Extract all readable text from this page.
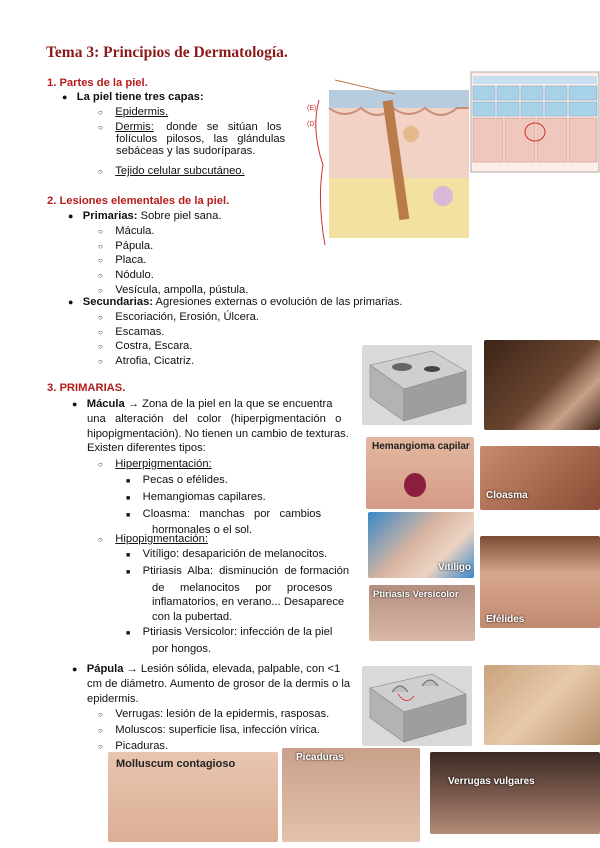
Tema 3: Principios de Dermatología.
1. Partes de la piel.
● La piel tiene tres capas:
○ Epidermis.
○ Dermis: donde   se   sitúan   los
folículos   pilosos,   las   glándulas
sebáceas y las sudoríparas.
○ Tejido celular subcutáneo.
(E)
(D)
2. Lesiones elementales de la piel.
● Primarias: Sobre piel sana.
○ Mácula.
○ Pápula.
○ Placa.
○ Nódulo.
○ Vesícula, ampolla, pústula.
● Secundarias: Agresiones externas o evolución de las primarias.
○ Escoriación, Erosión, Úlcera.
○ Escamas.
○ Costra, Escara.
○ Atrofia, Cicatriz.
3. PRIMARIAS.
● Mácula → Zona de la piel en la que se encuentra
una   alteración   del   color   (hiperpigmentación   o
hipopigmentación). No tienen un cambio de texturas.
Existen diferentes tipos:
○ Hiperpigmentación:
■ Pecas o efélides.
■ Hemangiomas capilares.
■ Cloasma:   manchas   por   cambios
hormonales o el sol.
○ Hipopigmentación:
■ Vitíligo: desaparición de melanocitos.
■ Ptiriasis  Alba:  disminución  de formación
de     melanocitos     por     procesos
inflamatorios, en verano... Desaparece
con la pubertad.
■ Ptiriasis Versicolor: infección de la piel
por hongos.
● Pápula → Lesión sólida, elevada, palpable, con <1
cm de diámetro. Aumento de grosor de la dermis o la
epidermis.
○ Verrugas: lesión de la epidermis, rasposas.
○ Moluscos: superficie lisa, infección vírica.
○ Picaduras.
Hemangioma capilar
Cloasma
Vitíligo
Efélides
Ptiriasis Versicolor
Molluscum contagioso
Picaduras
Verrugas vulgares
